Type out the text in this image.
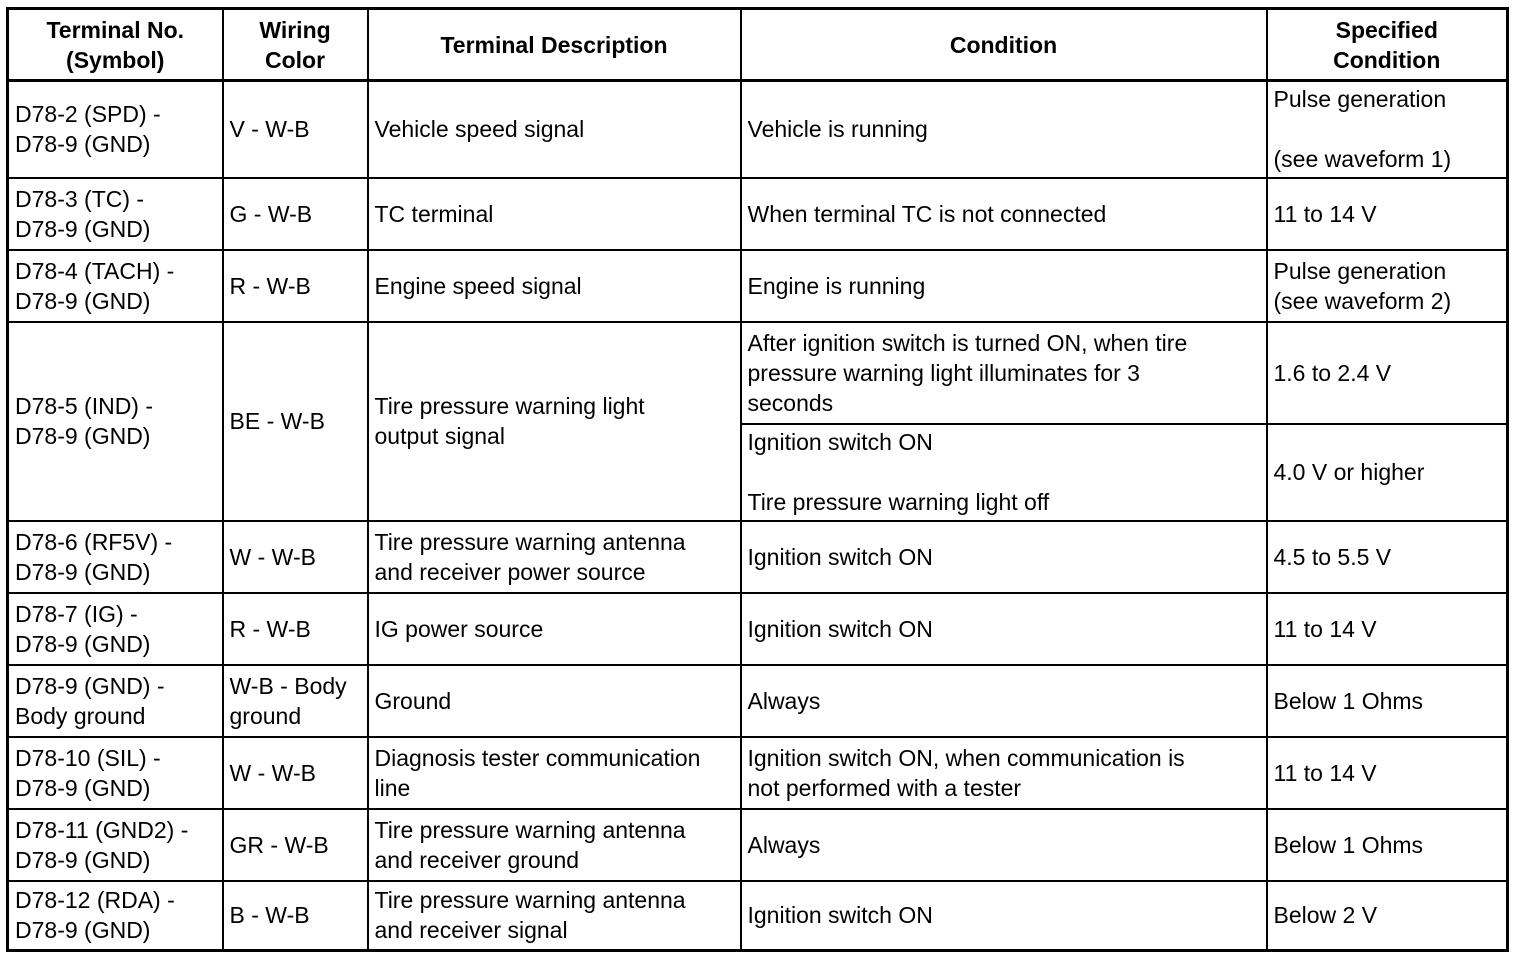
Terminal No.
(Symbol)	Wiring
Color	Terminal Description	Condition	Specified
Condition

D78-2 (SPD) -
D78-9 (GND)	V - W-B	Vehicle speed signal	Vehicle is running	Pulse generation

(see waveform 1)

D78-3 (TC) -
D78-9 (GND)	G - W-B	TC terminal	When terminal TC is not connected	11 to 14 V

D78-4 (TACH) -
D78-9 (GND)	R - W-B	Engine speed signal	Engine is running	Pulse generation
(see waveform 2)

D78-5 (IND) -
D78-9 (GND)	BE - W-B	Tire pressure warning light
output signal	After ignition switch is turned ON, when tire
pressure warning light illuminates for 3
seconds	1.6 to 2.4 V

			Ignition switch ON

Tire pressure warning light off	4.0 V or higher

D78-6 (RF5V) -
D78-9 (GND)	W - W-B	Tire pressure warning antenna
and receiver power source	Ignition switch ON	4.5 to 5.5 V

D78-7 (IG) -
D78-9 (GND)	R - W-B	IG power source	Ignition switch ON	11 to 14 V

D78-9 (GND) -
Body ground	W-B - Body
ground	Ground	Always	Below 1 Ohms

D78-10 (SIL) -
D78-9 (GND)	W - W-B	Diagnosis tester communication
line	Ignition switch ON, when communication is
not performed with a tester	11 to 14 V

D78-11 (GND2) -
D78-9 (GND)	GR - W-B	Tire pressure warning antenna
and receiver ground	Always	Below 1 Ohms

D78-12 (RDA) -
D78-9 (GND)	B - W-B	Tire pressure warning antenna
and receiver signal	Ignition switch ON	Below 2 V
